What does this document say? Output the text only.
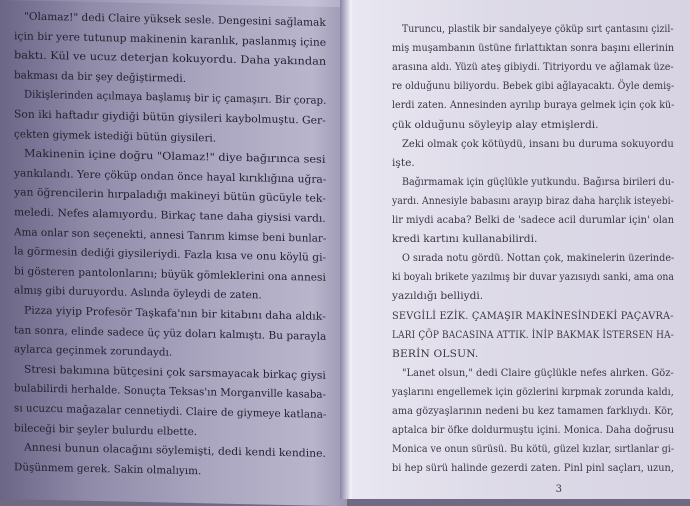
"Olamaz!" dedi Claire yüksek sesle. Dengesini sağlamak
için bir yere tutunup makinenin karanlık, paslanmış içine
baktı. Kül ve ucuz deterjan kokuyordu. Daha yakından
bakması da bir şey değiştirmedi.
Dikişlerinden açılmaya başlamış bir iç çamaşırı. Bir çorap.
Son iki haftadır giydiği bütün giysileri kaybolmuştu. Ger-
çekten giymek istediği bütün giysileri.
Makinenin içine doğru "Olamaz!" diye bağırınca sesi
yankılandı. Yere çöküp ondan önce hayal kırıklığına uğra-
yan öğrencilerin hırpaladığı makineyi bütün gücüyle tek-
meledi. Nefes alamıyordu. Birkaç tane daha giysisi vardı.
Ama onlar son seçenekti, annesi Tanrım kimse beni bunlar-
la görmesin dediği giysileriydi. Fazla kısa ve onu köylü gi-
bi gösteren pantolonlarını; büyük gömleklerini ona annesi
almış gibi duruyordu. Aslında öyleydi de zaten.
Pizza yiyip Profesör Taşkafa'nın bir kitabını daha aldık-
tan sonra, elinde sadece üç yüz doları kalmıştı. Bu parayla
aylarca geçinmek zorundaydı.
Stresi bakımına bütçesini çok sarsmayacak birkaç giysi
bulabilirdi herhalde. Sonuçta Teksas'ın Morganville kasaba-
sı ucuzcu mağazalar cennetiydi. Claire de giymeye katlana-
bileceği bir şeyler bulurdu elbette.
Annesi bunun olacağını söylemişti, dedi kendi kendine.
Düşünmem gerek. Sakin olmalıyım.
3
Turuncu, plastik bir sandalyeye çöküp sırt çantasını çizil-
miş muşambanın üstüne fırlattıktan sonra başını ellerinin
arasına aldı. Yüzü ateş gibiydi. Titriyordu ve ağlamak üze-
re olduğunu biliyordu. Bebek gibi ağlayacaktı. Öyle demiş-
lerdi zaten. Annesinden ayrılıp buraya gelmek için çok kü-
çük olduğunu söyleyip alay etmişlerdi.
Zeki olmak çok kötüydü, insanı bu duruma sokuyordu
işte.
Bağırmamak için güçlükle yutkundu. Bağırsa birileri du-
yardı. Annesiyle babasını arayıp biraz daha harçlık isteyebi-
lir miydi acaba? Belki de 'sadece acil durumlar için' olan
kredi kartını kullanabilirdi.
O sırada notu gördü. Nottan çok, makinelerin üzerinde-
ki boyalı brikete yazılmış bir duvar yazısıydı sanki, ama ona
yazıldığı belliydi.
SEVGİLİ EZİK. ÇAMAŞIR MAKİNESİNDEKİ PAÇAVRA-
LARI ÇÖP BACASINA ATTIK. İNİP BAKMAK İSTERSEN HA-
BERİN OLSUN.
"Lanet olsun," dedi Claire güçlükle nefes alırken. Göz-
yaşlarını engellemek için gözlerini kırpmak zorunda kaldı,
ama gözyaşlarının nedeni bu kez tamamen farklıydı. Kör,
aptalca bir öfke doldurmuştu içini. Monica. Daha doğrusu
Monica ve onun sürüsü. Bu kötü, güzel kızlar, sırtlanlar gi-
bi hep sürü halinde gezerdi zaten. Pinl pinl saçları, uzun,
